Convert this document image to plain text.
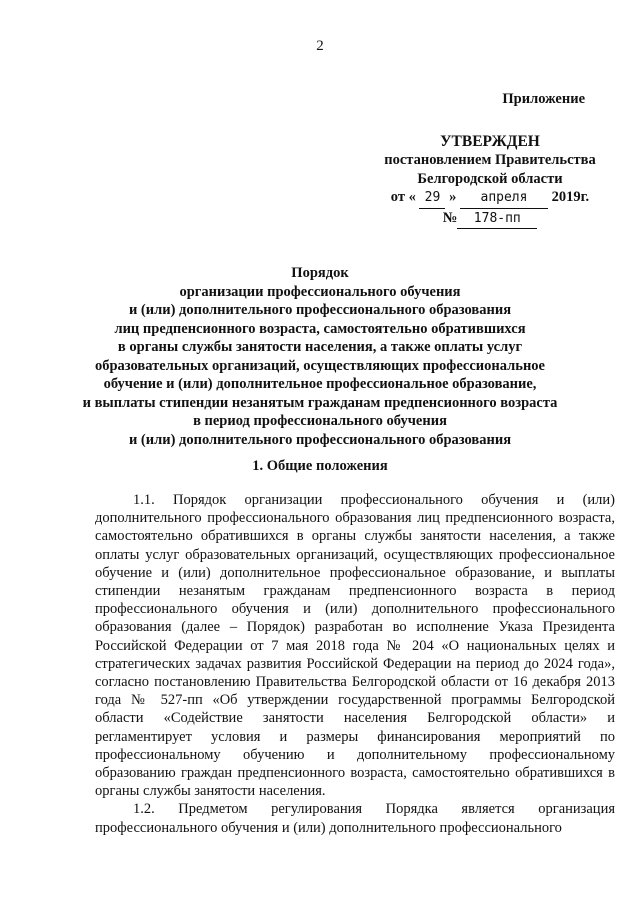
2
Приложение
УТВЕРЖДЕН
постановлением Правительства
Белгородской области
от « 29 » апреля 2019г.
№ 178-пп
Порядок
организации профессионального обучения
и (или) дополнительного профессионального образования
лиц предпенсионного возраста, самостоятельно обратившихся
в органы службы занятости населения, а также оплаты услуг
образовательных организаций, осуществляющих профессиональное
обучение и (или) дополнительное профессиональное образование,
и выплаты стипендии незанятым гражданам предпенсионного возраста
в период профессионального обучения
и (или) дополнительного профессионального образования
1. Общие положения

1.1. Порядок организации профессионального обучения и (или) дополнительного профессионального образования лиц предпенсионного возраста, самостоятельно обратившихся в органы службы занятости населения, а также оплаты услуг образовательных организаций, осуществляющих профессиональное обучение и (или) дополнительное профессиональное образование, и выплаты стипендии незанятым гражданам предпенсионного возраста в период профессионального обучения и (или) дополнительного профессионального образования (далее – Порядок) разработан во исполнение Указа Президента Российской Федерации от 7 мая 2018 года № 204 «О национальных целях и стратегических задачах развития Российской Федерации на период до 2024 года», согласно постановлению Правительства Белгородской области от 16 декабря 2013 года № 527-пп «Об утверждении государственной программы Белгородской области «Содействие занятости населения Белгородской области» и регламентирует условия и размеры финансирования мероприятий по профессиональному обучению и дополнительному профессиональному образованию граждан предпенсионного возраста, самостоятельно обратившихся в органы службы занятости населения.

1.2. Предметом регулирования Порядка является организация профессионального обучения и (или) дополнительного профессионального
